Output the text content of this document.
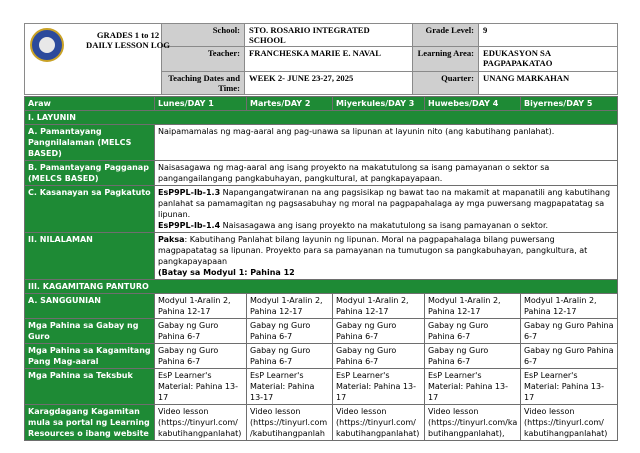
GRADES 1 to 12
DAILY LESSON LOG	School:	STO. ROSARIO INTEGRATED SCHOOL	Grade Level:	9
	Teacher:	FRANCHESKA MARIE E. NAVAL	Learning Area:	EDUKASYON SA PAGPAPAKATAO
	Teaching Dates and Time:	WEEK 2- JUNE 23-27, 2025	Quarter:	UNANG MARKAHAN
Araw	Lunes/DAY 1	Martes/DAY 2	Miyerkules/DAY 3	Huwebes/DAY 4	Biyernes/DAY 5
I. LAYUNIN					
A. Pamantayang Pangnilalaman (MELCS BASED)	Naipamamalas ng mag-aaral ang pag-unawa sa lipunan at layunin nito (ang kabutihang panlahat).				
B. Pamantayang Pagganap (MELCS BASED)	Naisasagawa ng mag-aaral ang isang proyekto na makatutulong sa isang pamayanan o sektor sa pangangailangang pangkabuhayan, pangkultural, at pangkapayapaan.				
C. Kasanayan sa Pagkatuto	EsP9PL-Ib-1.3 Napangangatwiranan na ang pagsisikap ng bawat tao na makamit at mapanatili ang kabutihang panlahat sa pamamagitan ng pagsasabuhay ng moral na pagpapahalaga ay mga puwersang magpapatatag sa lipunan.
EsP9PL-Ib-1.4 Naisasagawa ang isang proyekto na makatutulong sa isang pamayanan o sektor.				
II. NILALAMAN	Paksa: Kabutihang Panlahat bilang layunin ng lipunan. Moral na pagpapahalaga bilang puwersang magpapatatag sa lipunan. Proyekto para sa pamayanan na tumutugon sa pangkabuhayan, pangkultura, at pangkapayapaan
(Batay sa Modyul 1: Pahina 12				
III. KAGAMITANG PANTURO					
A. SANGGUNIAN	Modyul 1-Aralin 2, Pahina 12-17	Modyul 1-Aralin 2, Pahina 12-17	Modyul 1-Aralin 2, Pahina 12-17	Modyul 1-Aralin 2, Pahina 12-17	Modyul 1-Aralin 2, Pahina 12-17
Mga Pahina sa Gabay ng Guro	Gabay ng Guro Pahina 6-7	Gabay ng Guro Pahina 6-7	Gabay ng Guro Pahina 6-7	Gabay ng Guro Pahina 6-7	Gabay ng Guro Pahina 6-7
Mga Pahina sa Kagamitang Pang Mag-aaral	Gabay ng Guro Pahina 6-7	Gabay ng Guro Pahina 6-7	Gabay ng Guro Pahina 6-7	Gabay ng Guro Pahina 6-7	Gabay ng Guro Pahina 6-7
Mga Pahina sa Teksbuk	EsP Learner's Material: Pahina 13-17	EsP Learner's Material: Pahina 13-17	EsP Learner's Material: Pahina 13-17	EsP Learner's Material: Pahina 13-17	EsP Learner's Material: Pahina 13-17
Karagdagang Kagamitan mula sa portal ng Learning Resources o ibang website	Video lesson (https://tinyurl.com/ kabutihangpanlahat)	Video lesson (https://tinyurl.com /kabutihangpanlah	Video lesson (https://tinyurl.com/ kabutihangpanlahat)	Video lesson (https://tinyurl.com/ka butihangpanlahat),	Video lesson (https://tinyurl.com/ kabutihangpanlahat)
